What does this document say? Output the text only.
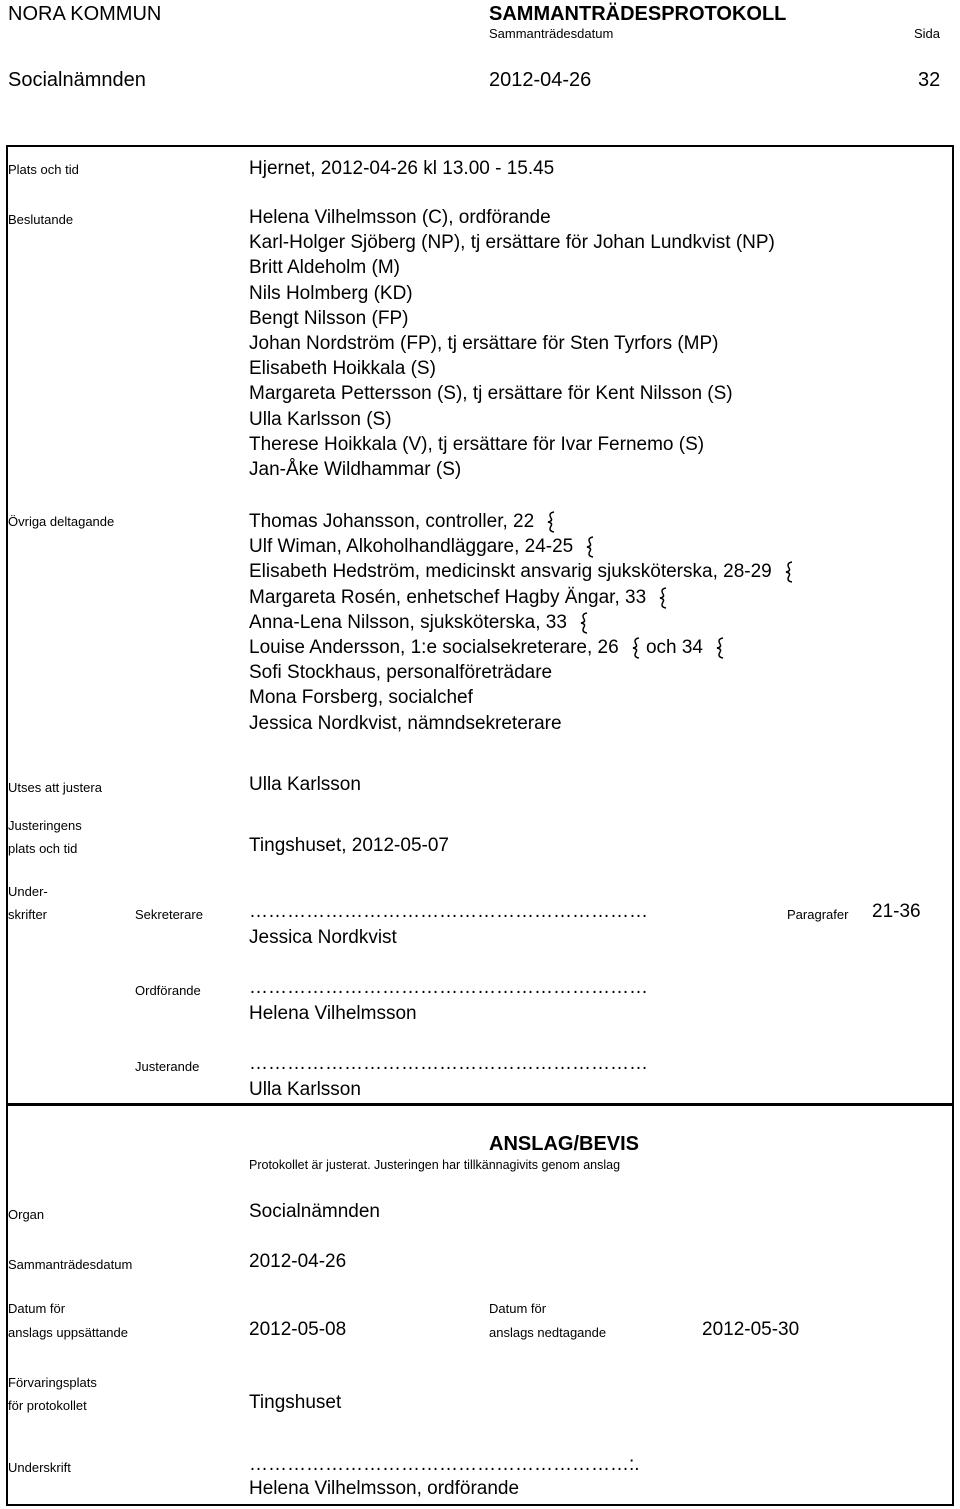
NORA KOMMUN	SAMMANTRÄDESPROTOKOLL
Sammanträdesdatum	Sida
Socialnämnden	2012-04-26	32
Plats och tid	Hjernet, 2012-04-26 kl 13.00 - 15.45
Beslutande	Helena Vilhelmsson (C), ordförande
Karl-Holger Sjöberg (NP), tj ersättare för Johan Lundkvist (NP)
Britt Aldeholm (M)
Nils Holmberg (KD)
Bengt Nilsson (FP)
Johan Nordström (FP), tj ersättare för Sten Tyrfors (MP)
Elisabeth Hoikkala (S)
Margareta Pettersson (S), tj ersättare för Kent Nilsson (S)
Ulla Karlsson (S)
Therese Hoikkala (V), tj ersättare för Ivar Fernemo (S)
Jan-Åke Wildhammar (S)
Övriga deltagande	Thomas Johansson, controller, 22
Ulf Wiman, Alkoholhandläggare, 24-25
Elisabeth Hedström, medicinskt ansvarig sjuksköterska, 28-29
Margareta Rosén, enhetschef Hagby Ängar, 33
Anna-Lena Nilsson, sjuksköterska, 33
Louise Andersson, 1:e socialsekreterare, 26 och 34
Sofi Stockhaus, personalföreträdare
Mona Forsberg, socialchef
Jessica Nordkvist, nämndsekreterare
Utses att justera	Ulla Karlsson
Justeringens
plats och tid	Tingshuset, 2012-05-07
Under-
skrifter	Sekreterare ………………………………………………………	Paragrafer 21-36
Jessica Nordkvist
Ordförande	………………………………………………………
Helena Vilhelmsson
Justerande	………………………………………………………
Ulla Karlsson
ANSLAG/BEVIS
Protokollet är justerat. Justeringen har tillkännagivits genom anslag
Organ	Socialnämnden
Sammanträdesdatum	2012-04-26
Datum för
anslags uppsättande	2012-05-08
Datum för
anslags nedtagande	2012-05-30
Förvaringsplats
för protokollet	Tingshuset
Underskrift	……………………………………………………:.
Helena Vilhelmsson, ordförande
